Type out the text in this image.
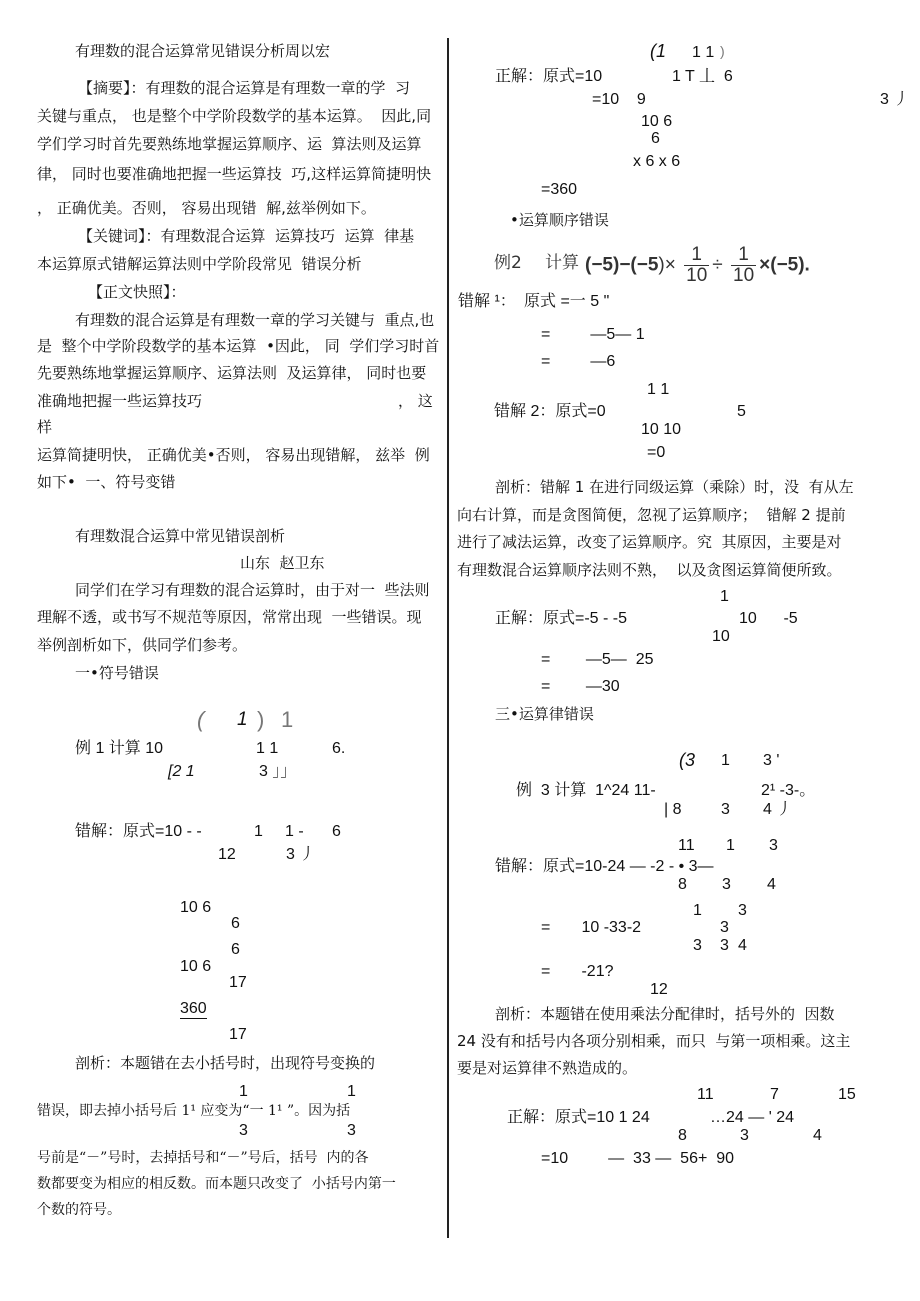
有理数的混合运算常见错误分析周以宏
【摘要】：有理数的混合运算是有理数一章的学  习
关键与重点， 也是整个中学阶段数学的基本运算。  因此,同
学们学习时首先要熟练地掌握运算顺序、运  算法则及运算
律， 同时也要准确地把握一些运算技  巧,这样运算简捷明快
， 正确优美。否则， 容易出现错  解,兹举例如下。
【关键词】：有理数混合运算  运算技巧  运算  律基
本运算原式错解运算法则中学阶段常见  错误分析
【正文快照】：
有理数的混合运算是有理数一章的学习关键与  重点,也
是  整个中学阶段数学的基本运算  •因此， 同  学们学习时首
先要熟练地掌握运算顺序、运算法则  及运算律， 同时也要
准确地把握一些运算技巧	， 这
样
运算简捷明快， 正确优美•否则， 容易出现错解， 兹举  例
如下•  一、符号变错
有理数混合运算中常见错误剖析
山东  赵卫东
同学们在学习有理数的混合运算时，由于对一  些法则
理解不透，或书写不规范等原因，常常出现  一些错误。现
举例剖析如下，供同学们参考。
一•符号错误
( 1 ) 1
例 1 计算 10	1 1	6.
[2 1	3 」」
错解：原式=10 - -	1 1 - 6
12	3 丿
10 6
6
6
10 6
17
360
17
剖析：本题错在去小括号时，出现符号变换的
1	1
错误，即去掉小括号后 1¹ 应变为“一 1¹ ”。因为括
3	3
号前是“－”号时，去掉括号和“－”号后，括号  内的各
数都要变为相应的相反数。而本题只改变了  小括号内第一
个数的符号。
(1 1 1 )
正解：原式=10	1 T 丄  6
=10    9	3 丿
10 6
6
x 6 x 6
=360
•运算顺序错误
例2 计算 $(-5)-(-5)\times \frac{1}{10} \div \frac{1}{10} \times(-5)$.
错解 ¹： 原式 =一 5 "
=         —5— 1
=         —6
1 1
错解 2：原式=0	5
10 10
=0
剖析：错解 1 在进行同级运算（乘除）时，没  有从左
向右计算，而是贪图简便，忽视了运算顺序；  错解 2 提前
进行了减法运算，改变了运算顺序。究  其原因，主要是对
有理数混合运算顺序法则不熟，  以及贪图运算简便所致。
1
正解：原式=-5 - -5	10      -5
10
=        —5—  25
=        —30
三•运算律错误
(3 1 3 '
例  3 计算  1^24 11-	2¹ -3-。
| 8 3 4 丿
11 1 3
错解：原式=10-24 — -2 - • 3—
8 3 4
1 3
=       10 -33-2	3
3 3 4
=       -21?
12
剖析：本题错在使用乘法分配律时，括号外的  因数
24 没有和括号内各项分别相乘，而只  与第一项相乘。这主
要是对运算律不熟造成的。
11	7	15
正解：原式=10 1 24	…24 — ' 24
8	3	4
=10         —  33 —  56+  90
